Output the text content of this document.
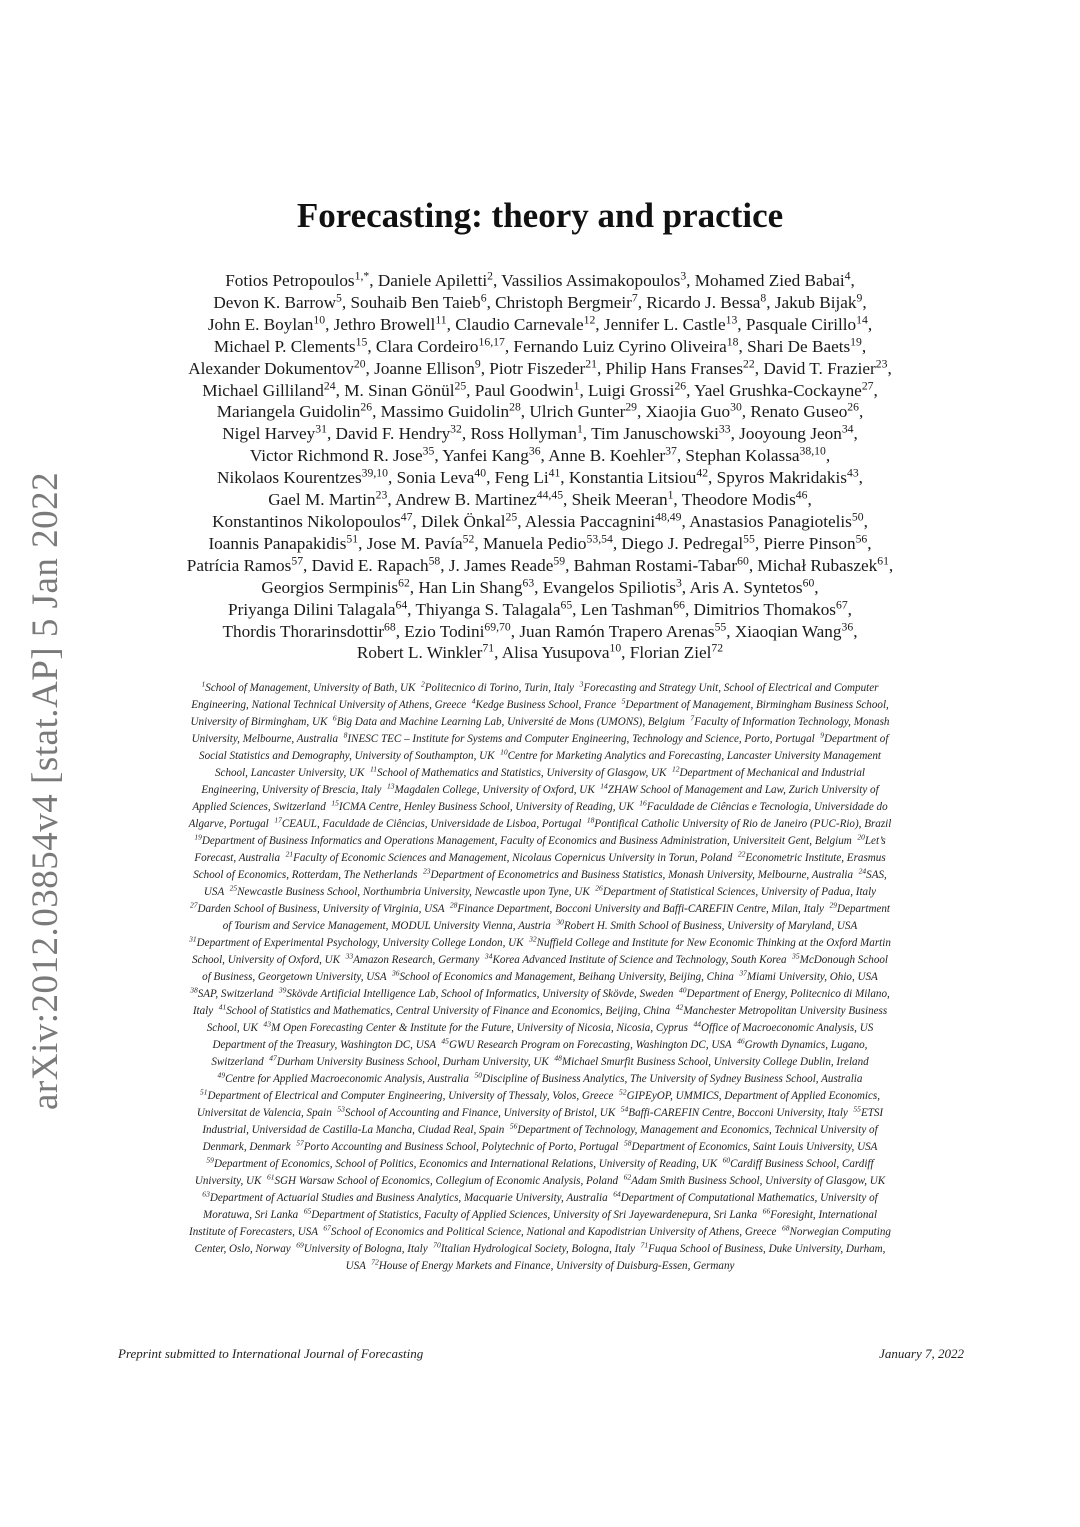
arXiv:2012.03854v4 [stat.AP] 5 Jan 2022
Forecasting: theory and practice
Fotios Petropoulos$^{1,*}$, Daniele Apiletti$^2$, Vassilios Assimakopoulos$^3$, Mohamed Zied Babai$^4$,
Devon K. Barrow$^5$, Souhaib Ben Taieb$^6$, Christoph Bergmeir$^7$, Ricardo J. Bessa$^8$, Jakub Bijak$^9$,
John E. Boylan$^{10}$, Jethro Browell$^{11}$, Claudio Carnevale$^{12}$, Jennifer L. Castle$^{13}$, Pasquale Cirillo$^{14}$,
Michael P. Clements$^{15}$, Clara Cordeiro$^{16,17}$, Fernando Luiz Cyrino Oliveira$^{18}$, Shari De Baets$^{19}$,
Alexander Dokumentov$^{20}$, Joanne Ellison$^9$, Piotr Fiszeder$^{21}$, Philip Hans Franses$^{22}$, David T. Frazier$^{23}$,
Michael Gilliland$^{24}$, M. Sinan Gönül$^{25}$, Paul Goodwin$^1$, Luigi Grossi$^{26}$, Yael Grushka-Cockayne$^{27}$,
Mariangela Guidolin$^{26}$, Massimo Guidolin$^{28}$, Ulrich Gunter$^{29}$, Xiaojia Guo$^{30}$, Renato Guseo$^{26}$,
Nigel Harvey$^{31}$, David F. Hendry$^{32}$, Ross Hollyman$^1$, Tim Januschowski$^{33}$, Jooyoung Jeon$^{34}$,
Victor Richmond R. Jose$^{35}$, Yanfei Kang$^{36}$, Anne B. Koehler$^{37}$, Stephan Kolassa$^{38,10}$,
Nikolaos Kourentzes$^{39,10}$, Sonia Leva$^{40}$, Feng Li$^{41}$, Konstantia Litsiou$^{42}$, Spyros Makridakis$^{43}$,
Gael M. Martin$^{23}$, Andrew B. Martinez$^{44,45}$, Sheik Meeran$^1$, Theodore Modis$^{46}$,
Konstantinos Nikolopoulos$^{47}$, Dilek Önkal$^{25}$, Alessia Paccagnini$^{48,49}$, Anastasios Panagiotelis$^{50}$,
Ioannis Panapakidis$^{51}$, Jose M. Pavía$^{52}$, Manuela Pedio$^{53,54}$, Diego J. Pedregal$^{55}$, Pierre Pinson$^{56}$,
Patrícia Ramos$^{57}$, David E. Rapach$^{58}$, J. James Reade$^{59}$, Bahman Rostami-Tabar$^{60}$, Michał Rubaszek$^{61}$,
Georgios Sermpinis$^{62}$, Han Lin Shang$^{63}$, Evangelos Spiliotis$^3$, Aris A. Syntetos$^{60}$,
Priyanga Dilini Talagala$^{64}$, Thiyanga S. Talagala$^{65}$, Len Tashman$^{66}$, Dimitrios Thomakos$^{67}$,
Thordis Thorarinsdottir$^{68}$, Ezio Todini$^{69,70}$, Juan Ramón Trapero Arenas$^{55}$, Xiaoqian Wang$^{36}$,
Robert L. Winkler$^{71}$, Alisa Yusupova$^{10}$, Florian Ziel$^{72}$
$^1$School of Management, University of Bath, UK  $^2$Politecnico di Torino, Turin, Italy  $^3$Forecasting and Strategy Unit, School of Electrical and Computer
Engineering, National Technical University of Athens, Greece  $^4$Kedge Business School, France  $^5$Department of Management, Birmingham Business School,
University of Birmingham, UK  $^6$Big Data and Machine Learning Lab, Université de Mons (UMONS), Belgium  $^7$Faculty of Information Technology, Monash
University, Melbourne, Australia  $^8$INESC TEC – Institute for Systems and Computer Engineering, Technology and Science, Porto, Portugal  $^9$Department of
Social Statistics and Demography, University of Southampton, UK  $^{10}$Centre for Marketing Analytics and Forecasting, Lancaster University Management
School, Lancaster University, UK  $^{11}$School of Mathematics and Statistics, University of Glasgow, UK  $^{12}$Department of Mechanical and Industrial
Engineering, University of Brescia, Italy  $^{13}$Magdalen College, University of Oxford, UK  $^{14}$ZHAW School of Management and Law, Zurich University of
Applied Sciences, Switzerland  $^{15}$ICMA Centre, Henley Business School, University of Reading, UK  $^{16}$Faculdade de Ciências e Tecnologia, Universidade do
Algarve, Portugal  $^{17}$CEAUL, Faculdade de Ciências, Universidade de Lisboa, Portugal  $^{18}$Pontifical Catholic University of Rio de Janeiro (PUC-Rio), Brazil
$^{19}$Department of Business Informatics and Operations Management, Faculty of Economics and Business Administration, Universiteit Gent, Belgium  $^{20}$Let’s
Forecast, Australia  $^{21}$Faculty of Economic Sciences and Management, Nicolaus Copernicus University in Torun, Poland  $^{22}$Econometric Institute, Erasmus
School of Economics, Rotterdam, The Netherlands  $^{23}$Department of Econometrics and Business Statistics, Monash University, Melbourne, Australia  $^{24}$SAS,
USA  $^{25}$Newcastle Business School, Northumbria University, Newcastle upon Tyne, UK  $^{26}$Department of Statistical Sciences, University of Padua, Italy
$^{27}$Darden School of Business, University of Virginia, USA  $^{28}$Finance Department, Bocconi University and Baffi-CAREFIN Centre, Milan, Italy  $^{29}$Department
of Tourism and Service Management, MODUL University Vienna, Austria  $^{30}$Robert H. Smith School of Business, University of Maryland, USA
$^{31}$Department of Experimental Psychology, University College London, UK  $^{32}$Nuffield College and Institute for New Economic Thinking at the Oxford Martin
School, University of Oxford, UK  $^{33}$Amazon Research, Germany  $^{34}$Korea Advanced Institute of Science and Technology, South Korea  $^{35}$McDonough School
of Business, Georgetown University, USA  $^{36}$School of Economics and Management, Beihang University, Beijing, China  $^{37}$Miami University, Ohio, USA
$^{38}$SAP, Switzerland  $^{39}$Skövde Artificial Intelligence Lab, School of Informatics, University of Skövde, Sweden  $^{40}$Department of Energy, Politecnico di Milano,
Italy  $^{41}$School of Statistics and Mathematics, Central University of Finance and Economics, Beijing, China  $^{42}$Manchester Metropolitan University Business
School, UK  $^{43}$M Open Forecasting Center & Institute for the Future, University of Nicosia, Nicosia, Cyprus  $^{44}$Office of Macroeconomic Analysis, US
Department of the Treasury, Washington DC, USA  $^{45}$GWU Research Program on Forecasting, Washington DC, USA  $^{46}$Growth Dynamics, Lugano,
Switzerland  $^{47}$Durham University Business School, Durham University, UK  $^{48}$Michael Smurfit Business School, University College Dublin, Ireland
$^{49}$Centre for Applied Macroeconomic Analysis, Australia  $^{50}$Discipline of Business Analytics, The University of Sydney Business School, Australia
$^{51}$Department of Electrical and Computer Engineering, University of Thessaly, Volos, Greece  $^{52}$GIPEyOP, UMMICS, Department of Applied Economics,
Universitat de Valencia, Spain  $^{53}$School of Accounting and Finance, University of Bristol, UK  $^{54}$Baffi-CAREFIN Centre, Bocconi University, Italy  $^{55}$ETSI
Industrial, Universidad de Castilla-La Mancha, Ciudad Real, Spain  $^{56}$Department of Technology, Management and Economics, Technical University of
Denmark, Denmark  $^{57}$Porto Accounting and Business School, Polytechnic of Porto, Portugal  $^{58}$Department of Economics, Saint Louis University, USA
$^{59}$Department of Economics, School of Politics, Economics and International Relations, University of Reading, UK  $^{60}$Cardiff Business School, Cardiff
University, UK  $^{61}$SGH Warsaw School of Economics, Collegium of Economic Analysis, Poland  $^{62}$Adam Smith Business School, University of Glasgow, UK
$^{63}$Department of Actuarial Studies and Business Analytics, Macquarie University, Australia  $^{64}$Department of Computational Mathematics, University of
Moratuwa, Sri Lanka  $^{65}$Department of Statistics, Faculty of Applied Sciences, University of Sri Jayewardenepura, Sri Lanka  $^{66}$Foresight, International
Institute of Forecasters, USA  $^{67}$School of Economics and Political Science, National and Kapodistrian University of Athens, Greece  $^{68}$Norwegian Computing
Center, Oslo, Norway  $^{69}$University of Bologna, Italy  $^{70}$Italian Hydrological Society, Bologna, Italy  $^{71}$Fuqua School of Business, Duke University, Durham,
USA  $^{72}$House of Energy Markets and Finance, University of Duisburg-Essen, Germany
Preprint submitted to International Journal of Forecasting	January 7, 2022
